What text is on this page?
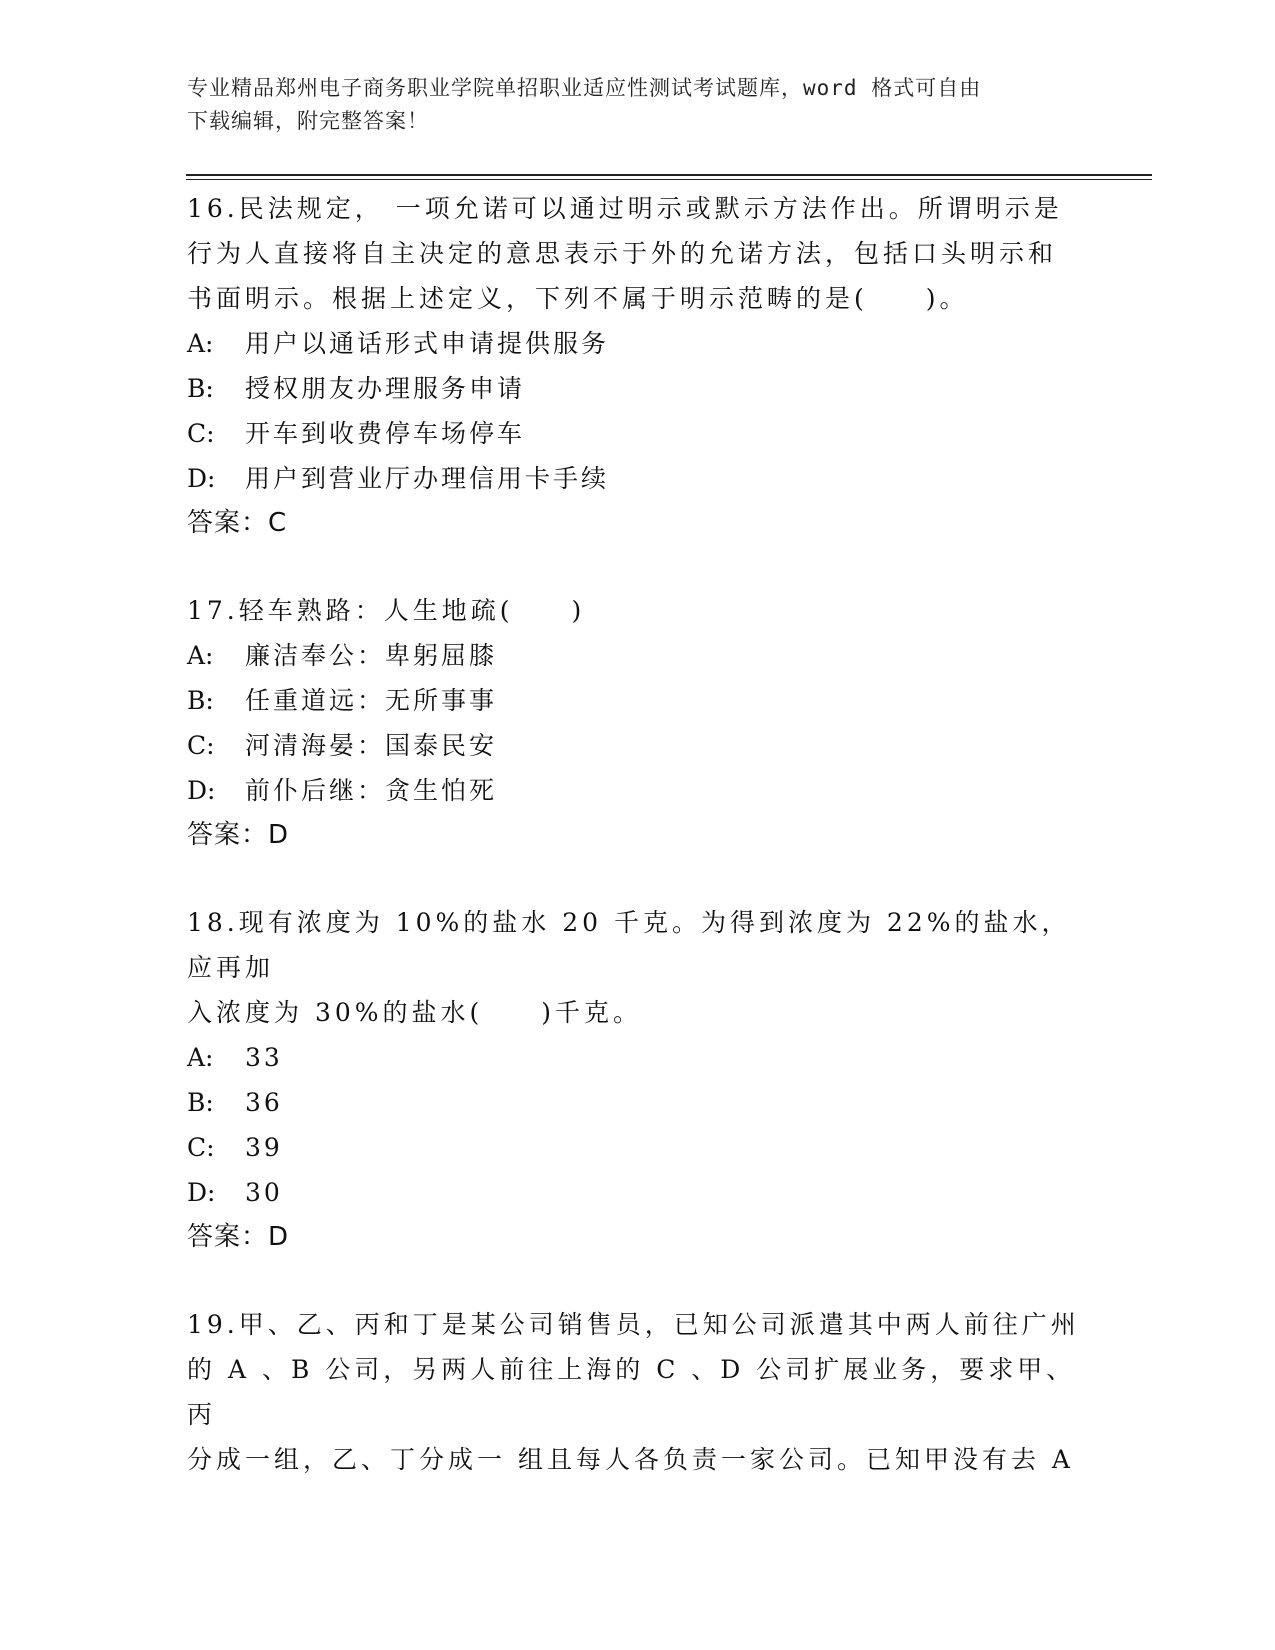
专业精品郑州电子商务职业学院单招职业适应性测试考试题库，word 格式可自由
下载编辑，附完整答案！
16.民法规定， 一项允诺可以通过明示或默示方法作出。所谓明示是
行为人直接将自主决定的意思表示于外的允诺方法，包括口头明示和
书面明示。根据上述定义，下列不属于明示范畴的是(　　)。
A:	用户以通话形式申请提供服务
B:	授权朋友办理服务申请
C:	开车到收费停车场停车
D:	用户到营业厅办理信用卡手续
答案：C
17.轻车熟路：人生地疏(　　)
A:	廉洁奉公：卑躬屈膝
B:	任重道远：无所事事
C:	河清海晏：国泰民安
D:	前仆后继：贪生怕死
答案：D
18.现有浓度为 10%的盐水 20 千克。为得到浓度为 22%的盐水，应再加
入浓度为 30%的盐水(　　)千克。
A:	33
B:	36
C:	39
D:	30
答案：D
19.甲、乙、丙和丁是某公司销售员，已知公司派遣其中两人前往广州
的 A 、B 公司，另两人前往上海的 C 、D 公司扩展业务，要求甲、丙
分成一组，乙、丁分成一 组且每人各负责一家公司。已知甲没有去 A
